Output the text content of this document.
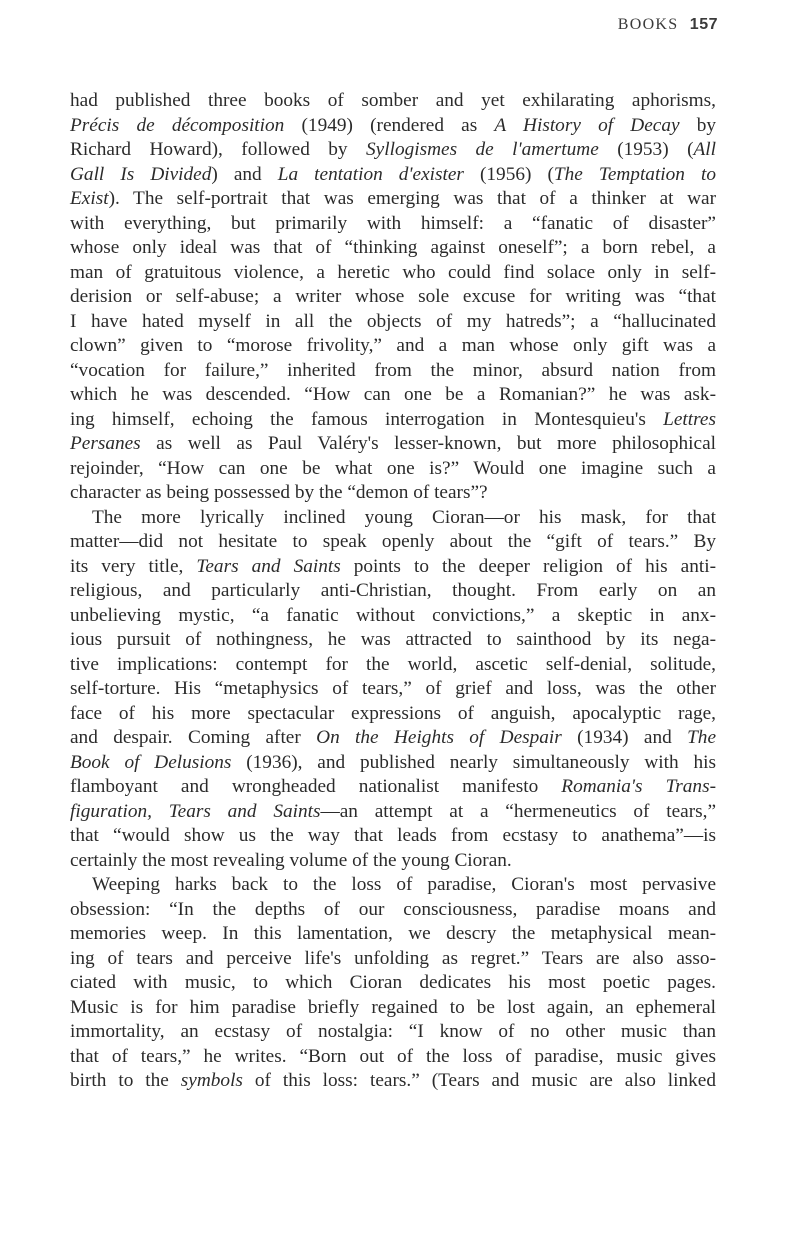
BOOKS 157
had published three books of somber and yet exhilarating aphorisms,
Précis de décomposition (1949) (rendered as A History of Decay by
Richard Howard), followed by Syllogismes de l'amertume (1953) (All
Gall Is Divided) and La tentation d'exister (1956) (The Temptation to
Exist). The self-portrait that was emerging was that of a thinker at war
with everything, but primarily with himself: a “fanatic of disaster”
whose only ideal was that of “thinking against oneself”; a born rebel, a
man of gratuitous violence, a heretic who could find solace only in self-
derision or self-abuse; a writer whose sole excuse for writing was “that
I have hated myself in all the objects of my hatreds”; a “hallucinated
clown” given to “morose frivolity,” and a man whose only gift was a
“vocation for failure,” inherited from the minor, absurd nation from
which he was descended. “How can one be a Romanian?” he was ask-
ing himself, echoing the famous interrogation in Montesquieu's Lettres
Persanes as well as Paul Valéry's lesser-known, but more philosophical
rejoinder, “How can one be what one is?” Would one imagine such a
character as being possessed by the “demon of tears”?
The more lyrically inclined young Cioran—or his mask, for that
matter—did not hesitate to speak openly about the “gift of tears.” By
its very title, Tears and Saints points to the deeper religion of his anti-
religious, and particularly anti-Christian, thought. From early on an
unbelieving mystic, “a fanatic without convictions,” a skeptic in anx-
ious pursuit of nothingness, he was attracted to sainthood by its nega-
tive implications: contempt for the world, ascetic self-denial, solitude,
self-torture. His “metaphysics of tears,” of grief and loss, was the other
face of his more spectacular expressions of anguish, apocalyptic rage,
and despair. Coming after On the Heights of Despair (1934) and The
Book of Delusions (1936), and published nearly simultaneously with his
flamboyant and wrongheaded nationalist manifesto Romania's Trans-
figuration, Tears and Saints—an attempt at a “hermeneutics of tears,”
that “would show us the way that leads from ecstasy to anathema”—is
certainly the most revealing volume of the young Cioran.
Weeping harks back to the loss of paradise, Cioran's most pervasive
obsession: “In the depths of our consciousness, paradise moans and
memories weep. In this lamentation, we descry the metaphysical mean-
ing of tears and perceive life's unfolding as regret.” Tears are also asso-
ciated with music, to which Cioran dedicates his most poetic pages.
Music is for him paradise briefly regained to be lost again, an ephemeral
immortality, an ecstasy of nostalgia: “I know of no other music than
that of tears,” he writes. “Born out of the loss of paradise, music gives
birth to the symbols of this loss: tears.” (Tears and music are also linked
